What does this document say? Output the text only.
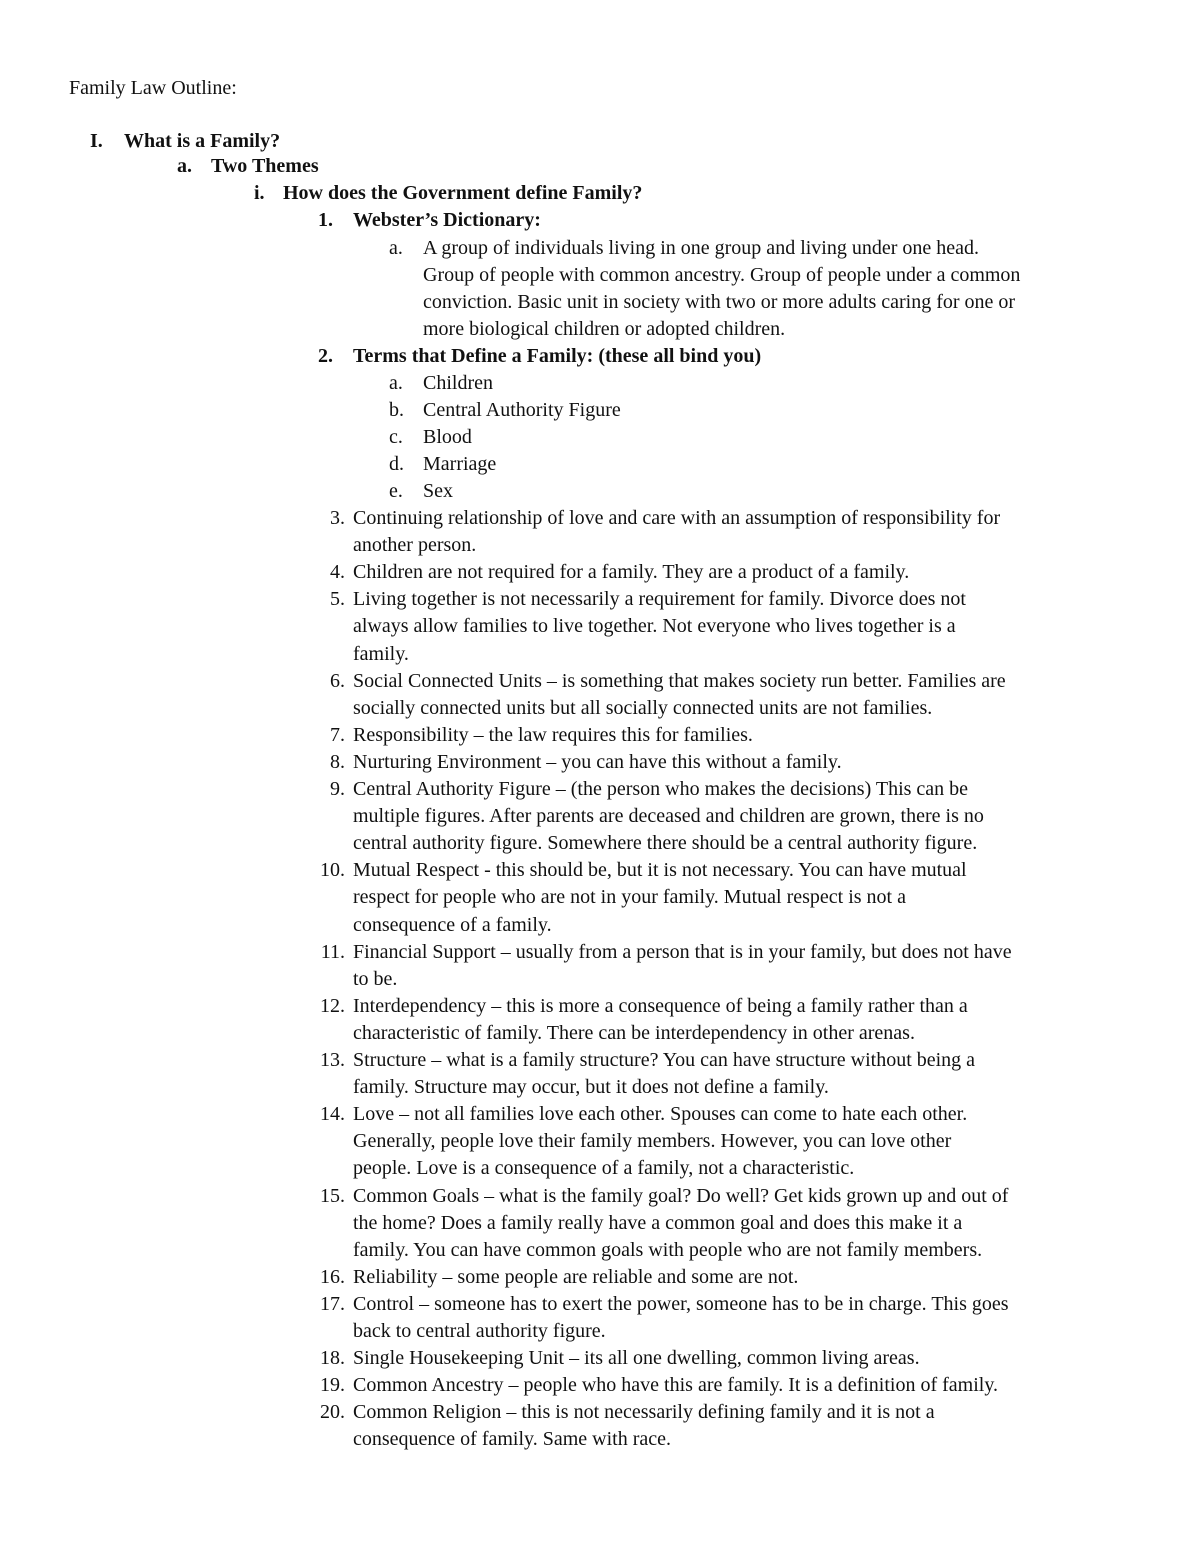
Family Law Outline:
I. What is a Family?
a. Two Themes
i. How does the Government define Family?
1. Webster’s Dictionary:
a. A group of individuals living in one group and living under one head.
Group of people with common ancestry. Group of people under a common
conviction. Basic unit in society with two or more adults caring for one or
more biological children or adopted children.
2. Terms that Define a Family: (these all bind you)
a. Children
b. Central Authority Figure
c. Blood
d. Marriage
e. Sex
3. Continuing relationship of love and care with an assumption of responsibility for
another person.
4. Children are not required for a family. They are a product of a family.
5. Living together is not necessarily a requirement for family. Divorce does not
always allow families to live together. Not everyone who lives together is a
family.
6. Social Connected Units – is something that makes society run better. Families are
socially connected units but all socially connected units are not families.
7. Responsibility – the law requires this for families.
8. Nurturing Environment – you can have this without a family.
9. Central Authority Figure – (the person who makes the decisions) This can be
multiple figures. After parents are deceased and children are grown, there is no
central authority figure. Somewhere there should be a central authority figure.
10. Mutual Respect - this should be, but it is not necessary. You can have mutual
respect for people who are not in your family. Mutual respect is not a
consequence of a family.
11. Financial Support – usually from a person that is in your family, but does not have
to be.
12. Interdependency – this is more a consequence of being a family rather than a
characteristic of family. There can be interdependency in other arenas.
13. Structure – what is a family structure? You can have structure without being a
family. Structure may occur, but it does not define a family.
14. Love – not all families love each other. Spouses can come to hate each other.
Generally, people love their family members. However, you can love other
people. Love is a consequence of a family, not a characteristic.
15. Common Goals – what is the family goal? Do well? Get kids grown up and out of
the home? Does a family really have a common goal and does this make it a
family. You can have common goals with people who are not family members.
16. Reliability – some people are reliable and some are not.
17. Control – someone has to exert the power, someone has to be in charge. This goes
back to central authority figure.
18. Single Housekeeping Unit – its all one dwelling, common living areas.
19. Common Ancestry – people who have this are family. It is a definition of family.
20. Common Religion – this is not necessarily defining family and it is not a
consequence of family. Same with race.
